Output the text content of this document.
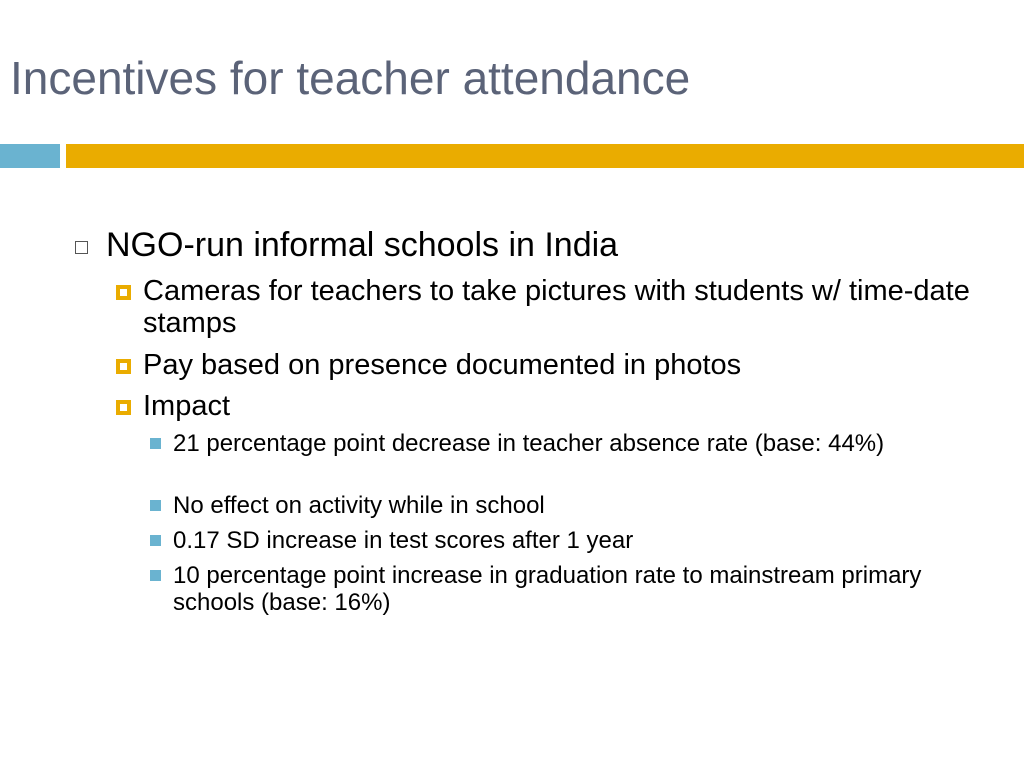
Incentives for teacher attendance
NGO-run informal schools in India
Cameras for teachers to take pictures with students w/ time-date stamps
Pay based on presence documented in photos
Impact
21 percentage point decrease in teacher absence rate (base: 44%)
No effect on activity while in school
0.17 SD increase in test scores after 1 year
10 percentage point increase in graduation rate to mainstream primary schools (base: 16%)
